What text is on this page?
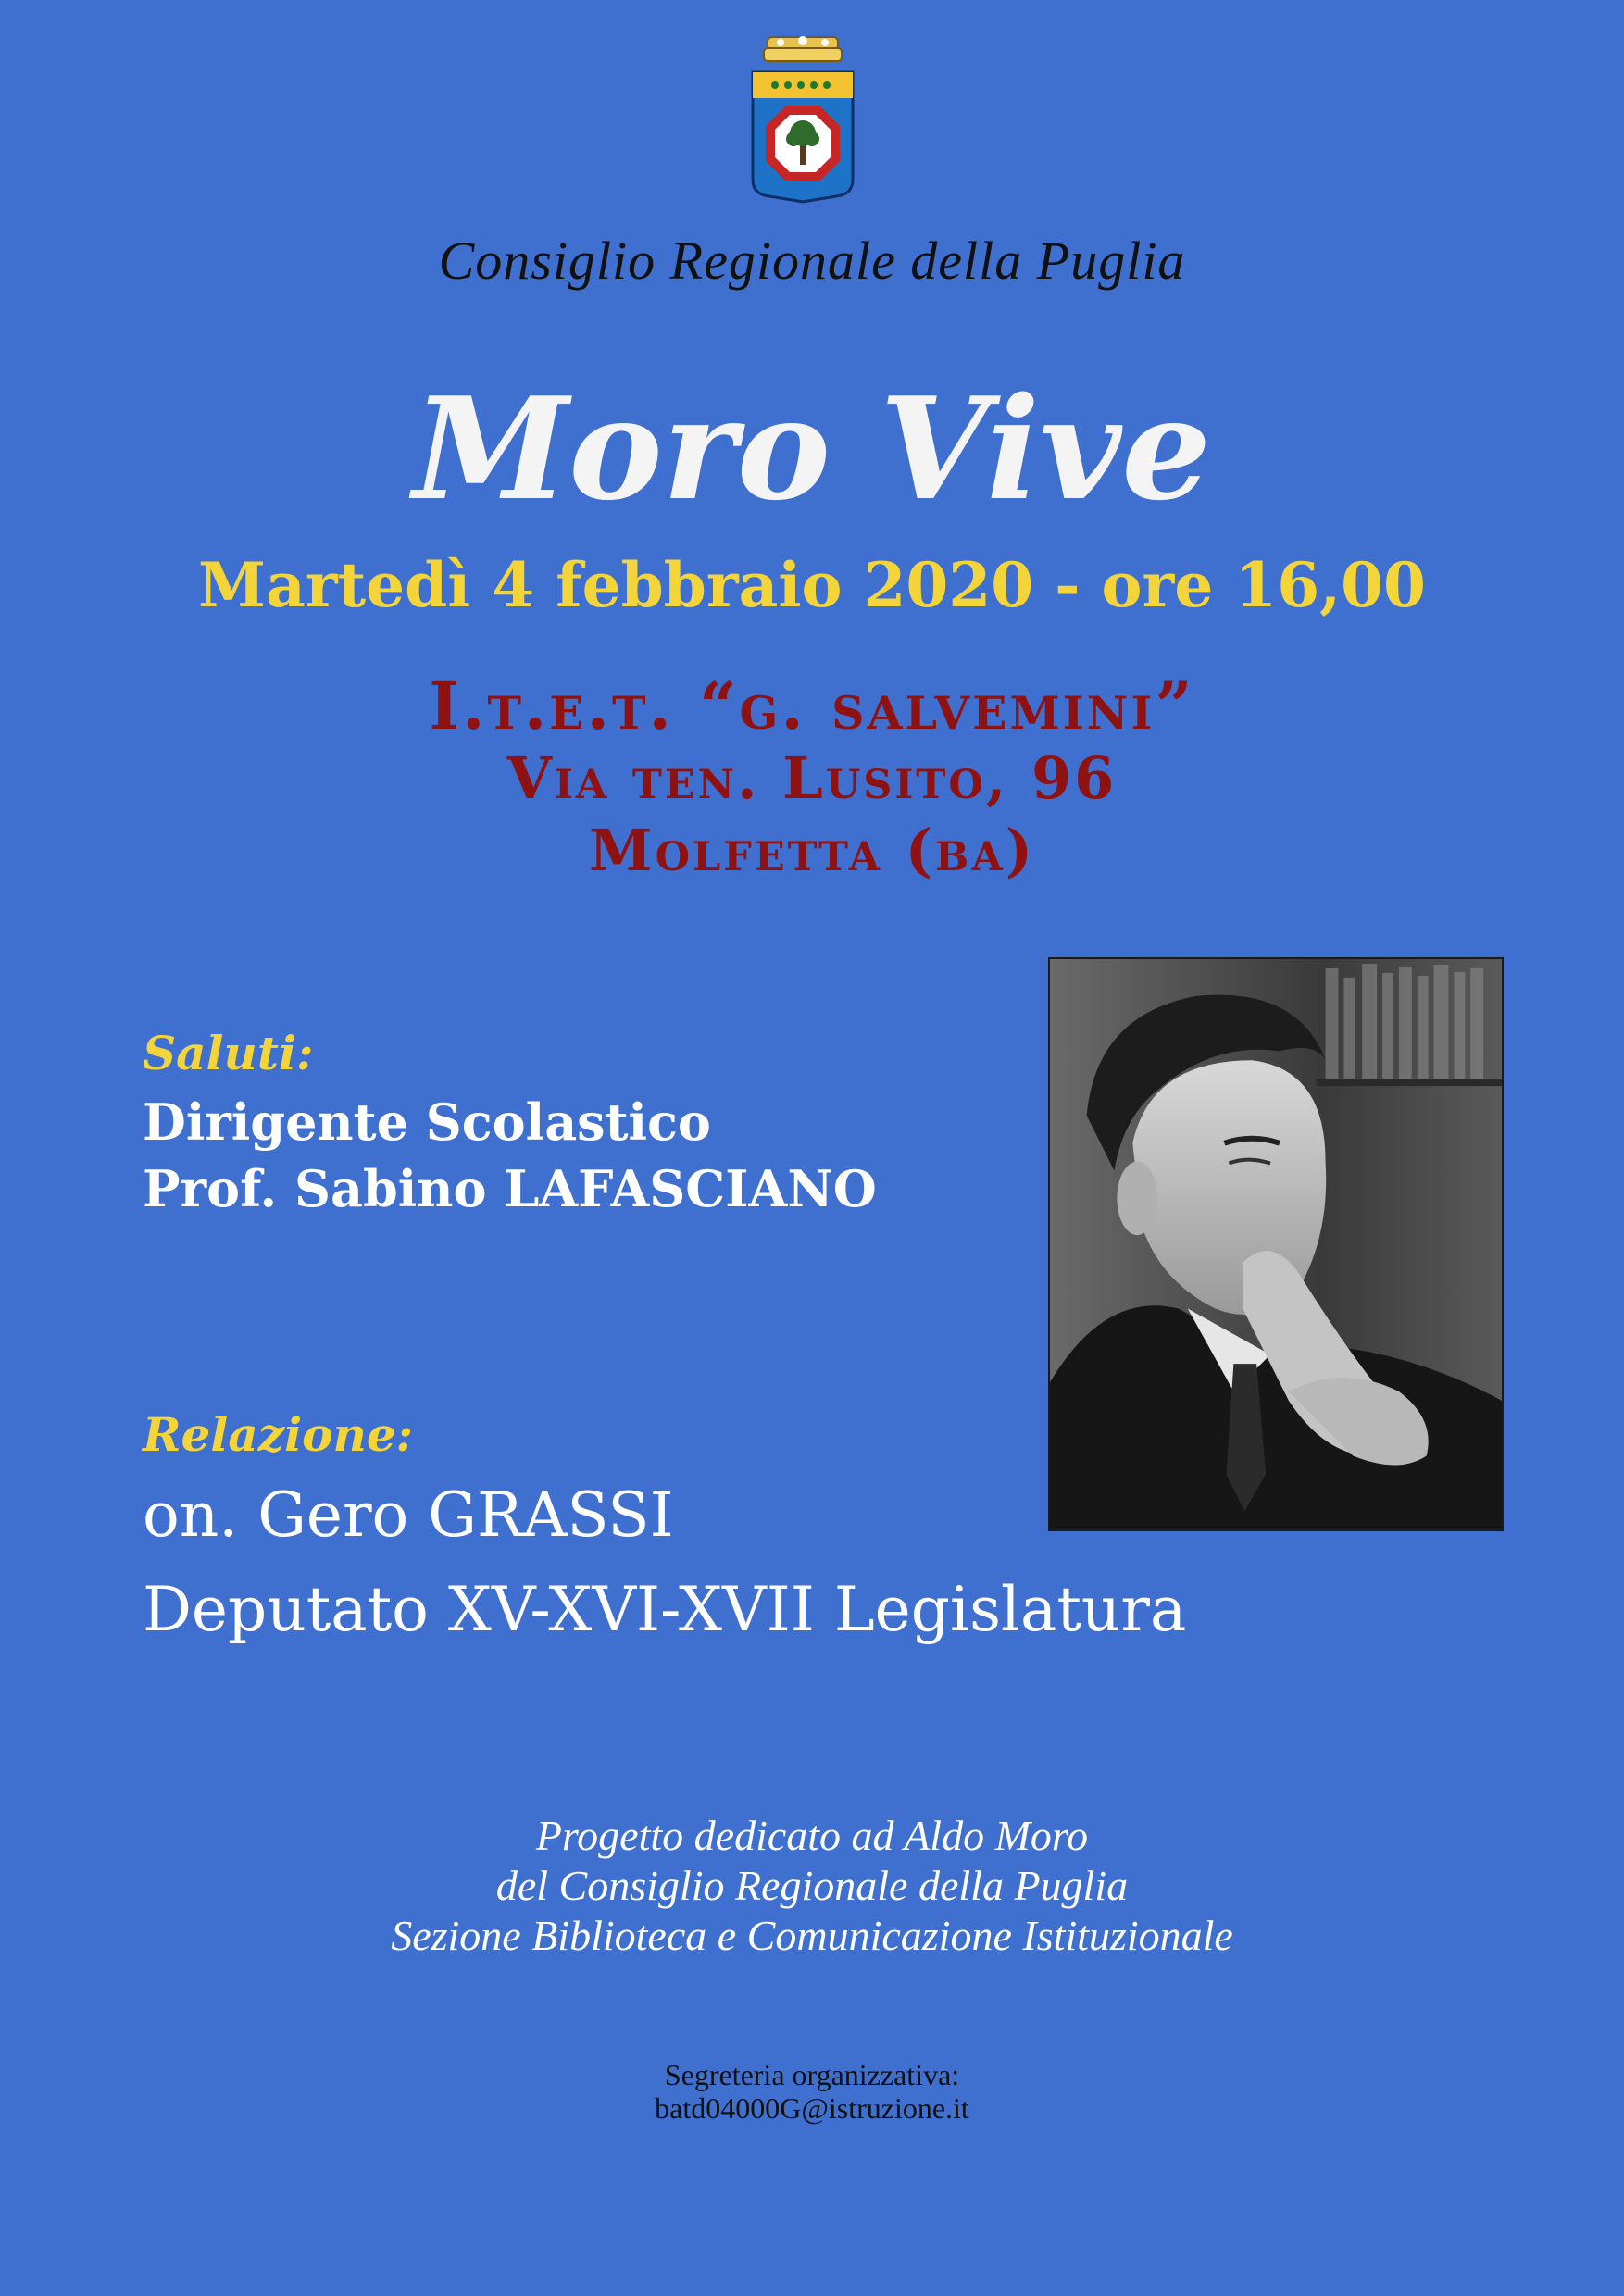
Consiglio Regionale della Puglia
Moro Vive
Martedì 4 febbraio 2020 - ore 16,00
I.t.e.t. “g. salvemini”
Via ten. Lusito, 96
Molfetta (ba)
Saluti:
Dirigente Scolastico
Prof. Sabino LAFASCIANO
Relazione:
on. Gero GRASSI
Deputato XV-XVI-XVII Legislatura
Progetto dedicato ad Aldo Moro
del Consiglio Regionale della Puglia
Sezione Biblioteca e Comunicazione Istituzionale
Segreteria organizzativa:
batd04000G@istruzione.it
